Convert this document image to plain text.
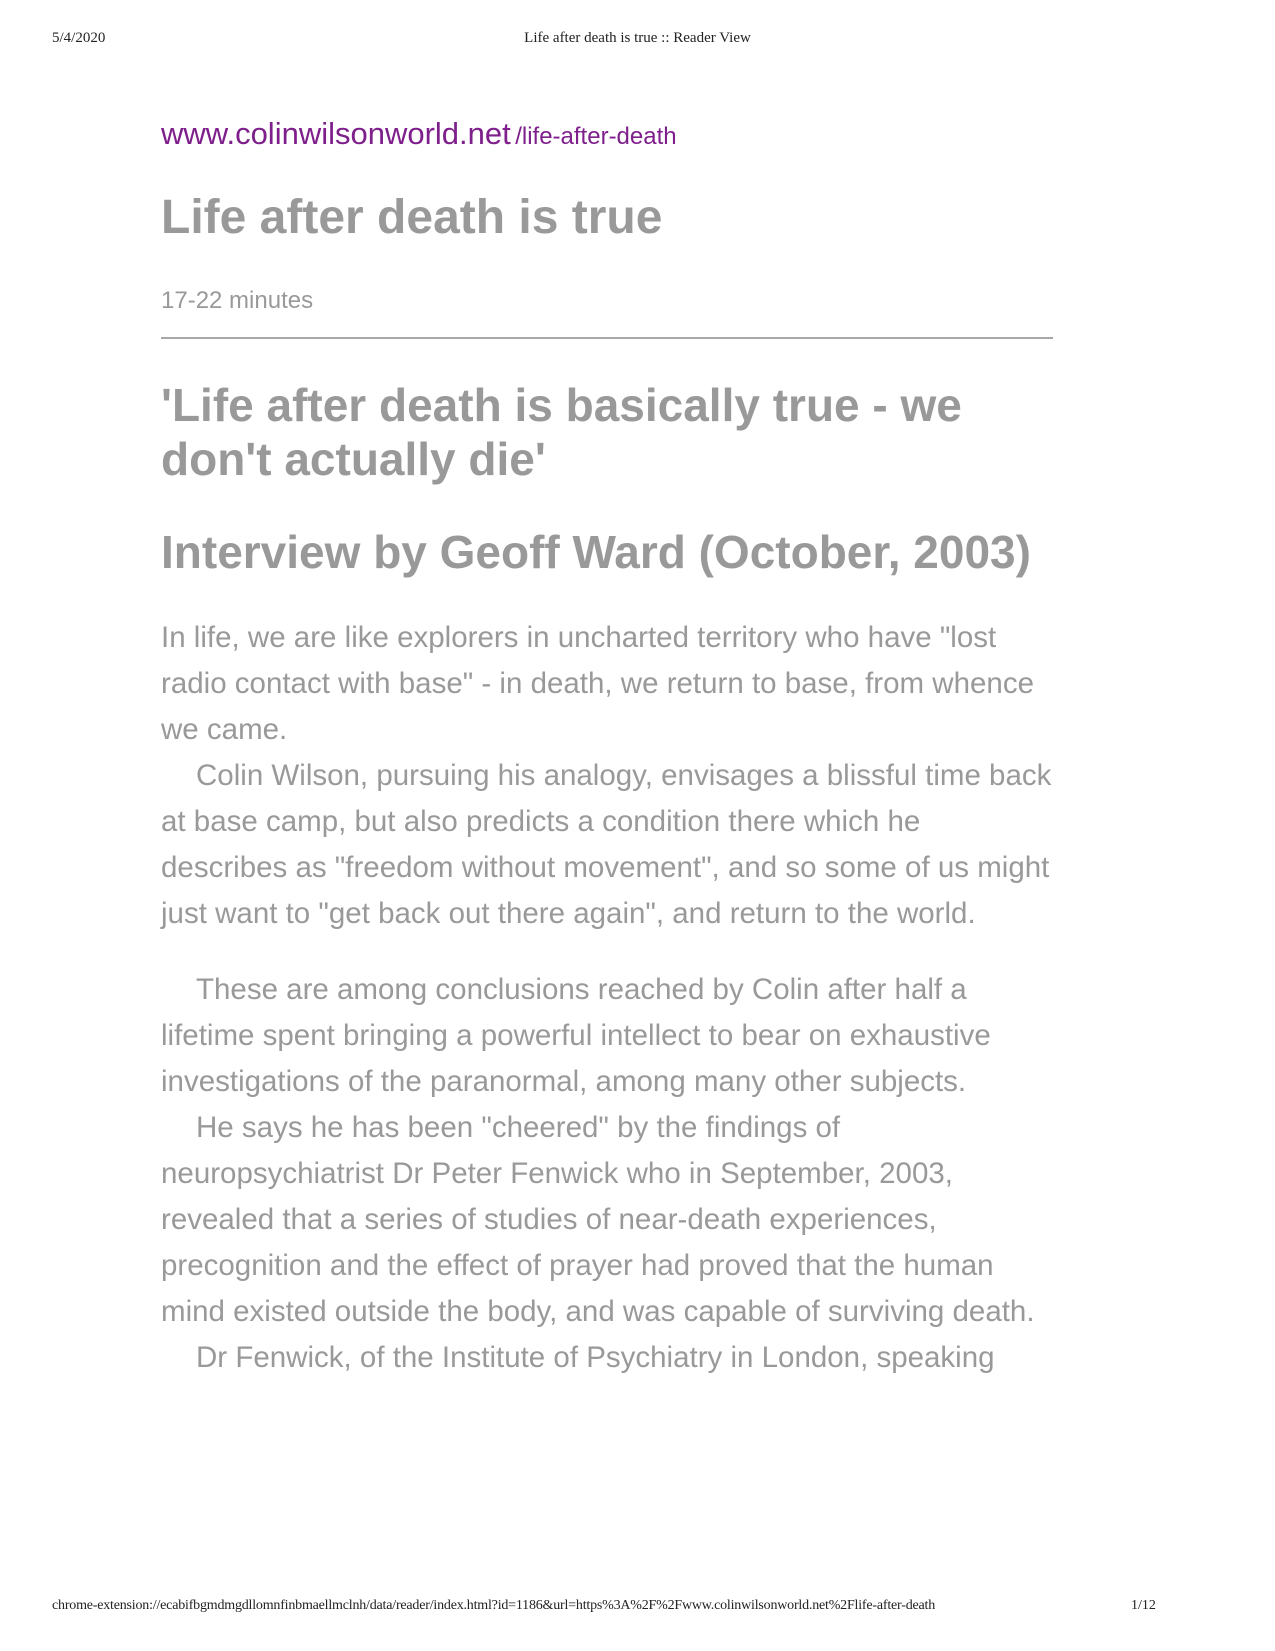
5/4/2020	Life after death is true :: Reader View
www.colinwilsonworld.net /life-after-death
Life after death is true
17-22 minutes
'Life after death is basically true - we don't actually die'
Interview by Geoff Ward (October, 2003)

In life, we are like explorers in uncharted territory who have "lost radio contact with base" - in death, we return to base, from whence we came.

Colin Wilson, pursuing his analogy, envisages a blissful time back at base camp, but also predicts a condition there which he describes as "freedom without movement", and so some of us might just want to "get back out there again", and return to the world.

These are among conclusions reached by Colin after half a lifetime spent bringing a powerful intellect to bear on exhaustive investigations of the paranormal, among many other subjects.

He says he has been "cheered" by the findings of neuropsychiatrist Dr Peter Fenwick who in September, 2003, revealed that a series of studies of near-death experiences, precognition and the effect of prayer had proved that the human mind existed outside the body, and was capable of surviving death.

Dr Fenwick, of the Institute of Psychiatry in London, speaking

chrome-extension://ecabifbgmdmgdllomnfinbmaellmclnh/data/reader/index.html?id=1186&url=https%3A%2F%2Fwww.colinwilsonworld.net%2Flife-after-death	1/12
